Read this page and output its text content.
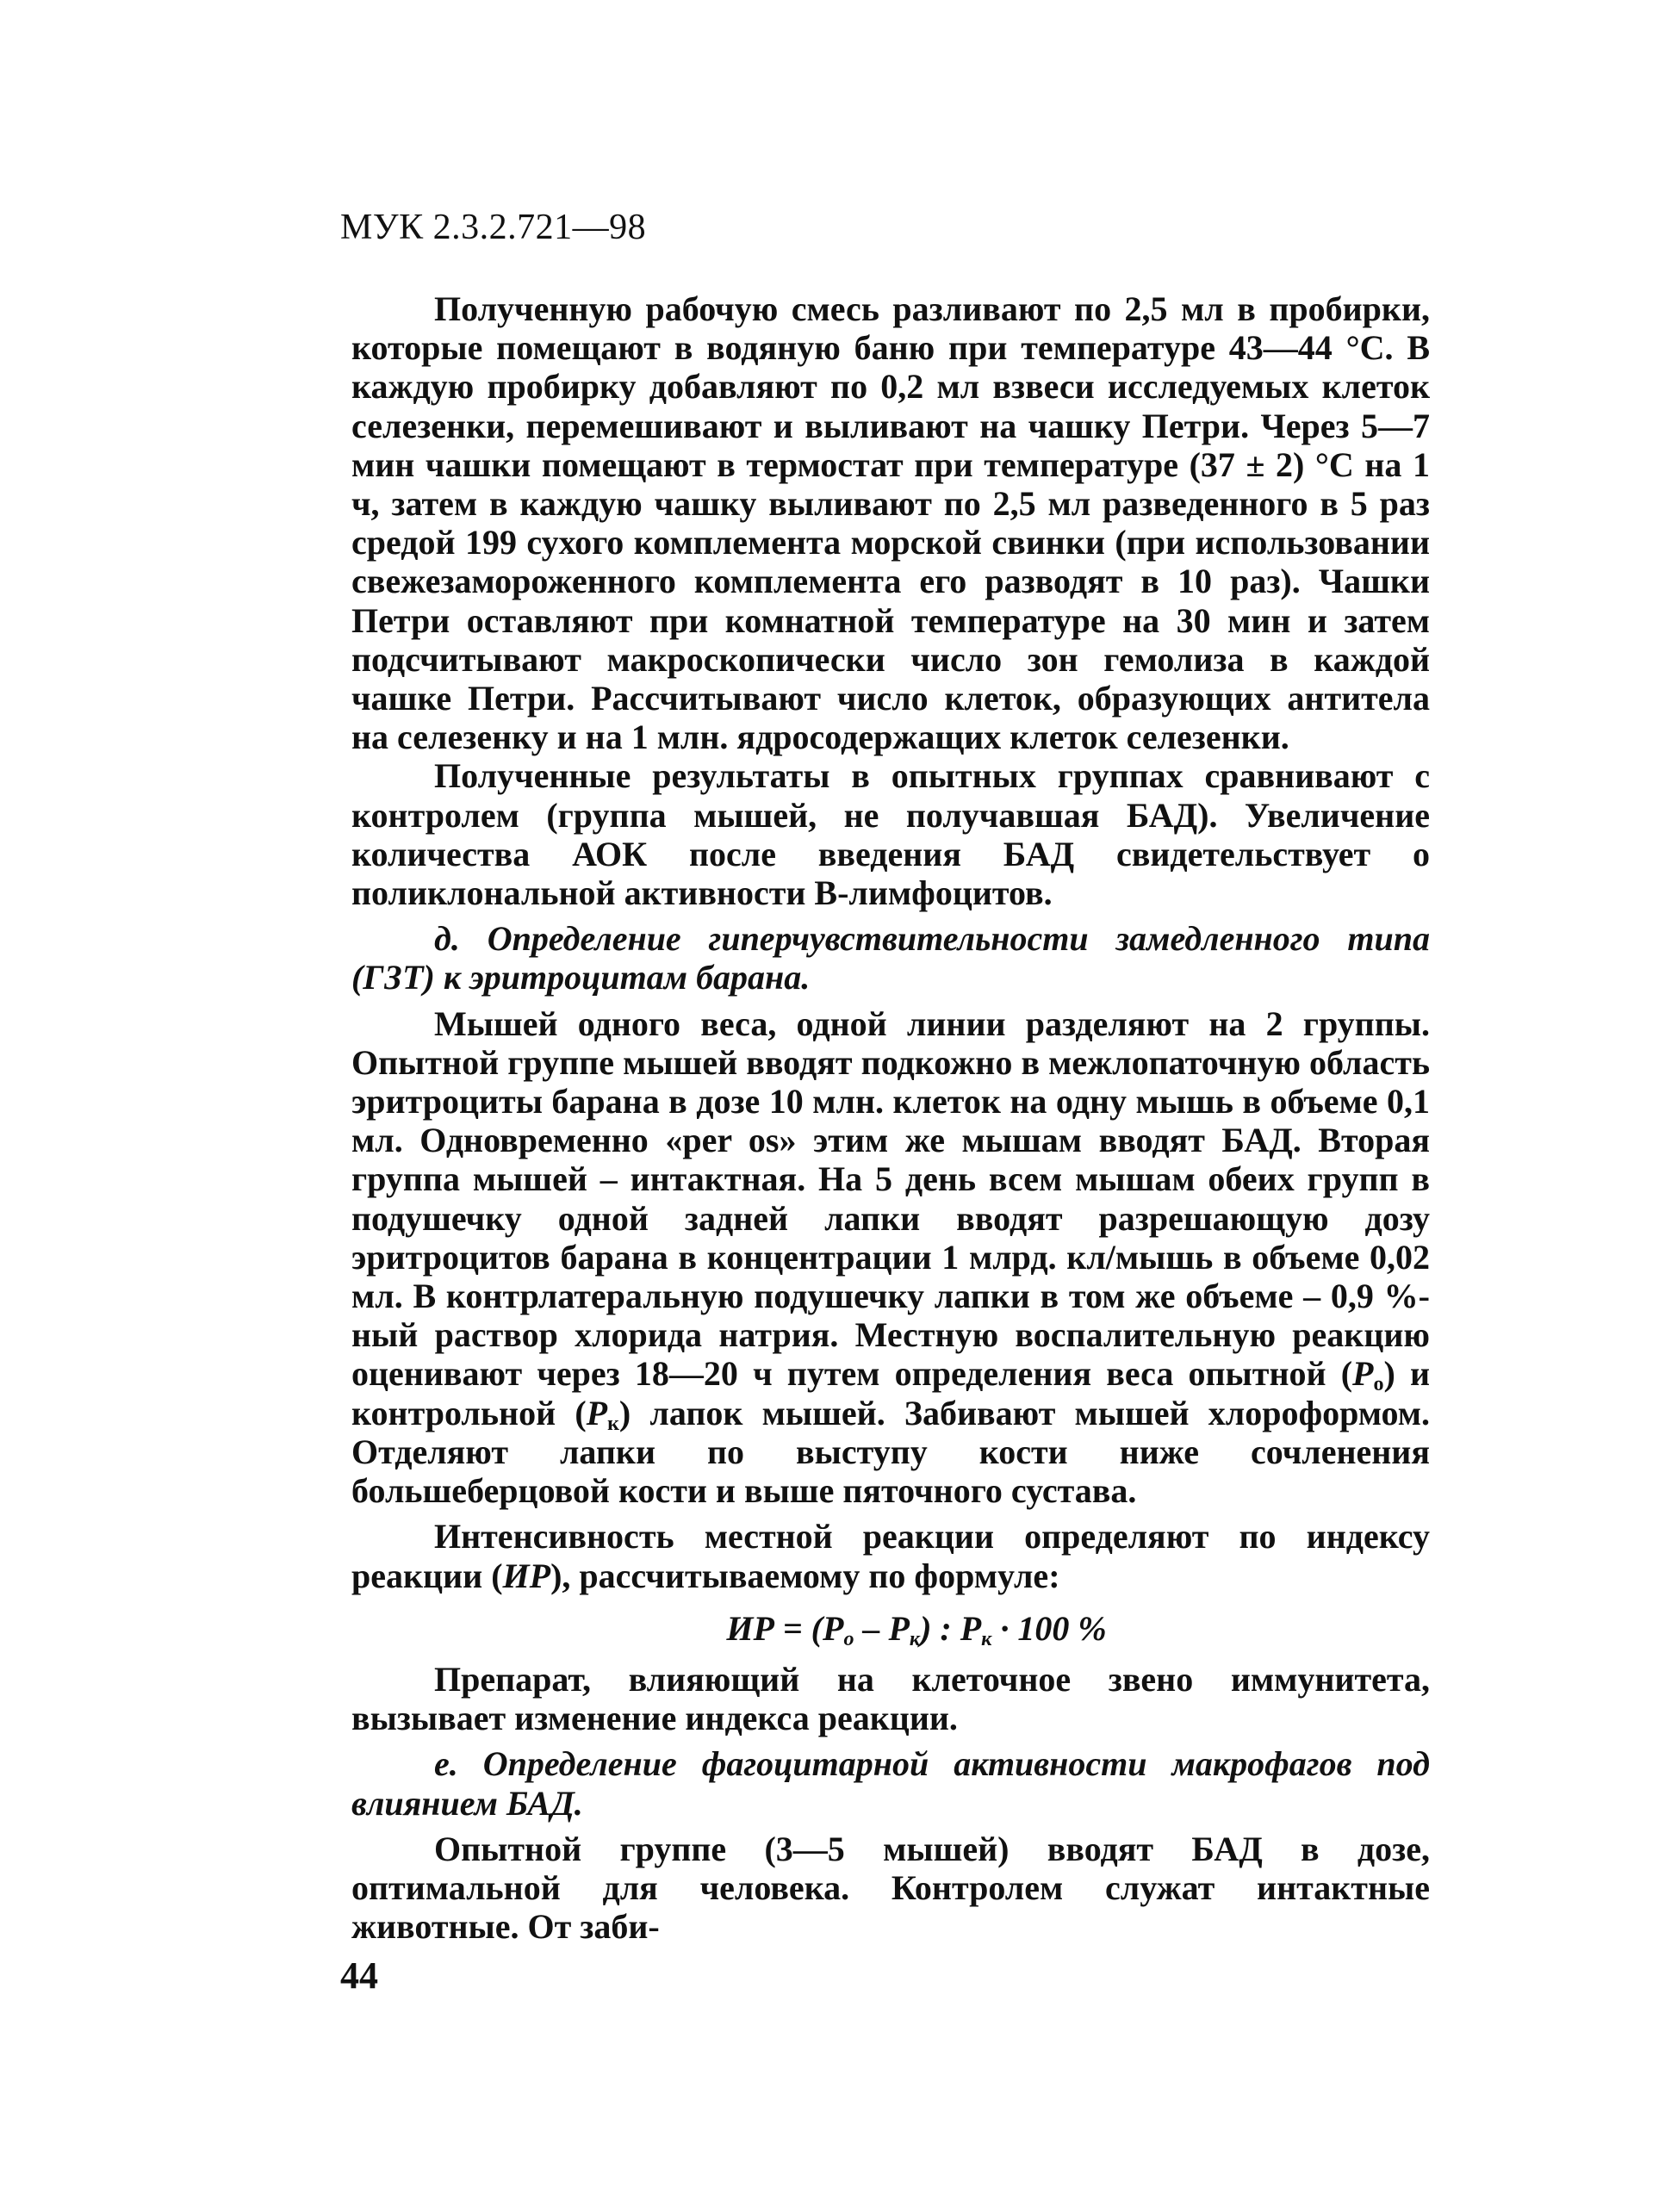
МУК 2.3.2.721—98

Полученную рабочую смесь разливают по 2,5 мл в пробирки, которые помещают в водяную баню при температуре 43—44 °С. В каждую пробирку добавляют по 0,2 мл взвеси исследуемых клеток селезенки, перемешивают и выливают на чашку Петри. Через 5—7 мин чашки помещают в термостат при температуре (37 ± 2) °С на 1 ч, затем в каждую чашку выливают по 2,5 мл разведенного в 5 раз средой 199 сухого комплемента морской свинки (при использовании свежезамороженного комплемента его разводят в 10 раз). Чашки Петри оставляют при комнатной температуре на 30 мин и затем подсчитывают макроскопически число зон гемолиза в каждой чашке Петри. Рассчитывают число клеток, образующих антитела на селезенку и на 1 млн. ядросодержащих клеток селезенки.

Полученные результаты в опытных группах сравнивают с контролем (группа мышей, не получавшая БАД). Увеличение количества АОК после введения БАД свидетельствует о поликлональной активности В-лимфоцитов.

д. Определение гиперчувствительности замедленного типа (ГЗТ) к эритроцитам барана.

Мышей одного веса, одной линии разделяют на 2 группы. Опытной группе мышей вводят подкожно в межлопаточную область эритроциты барана в дозе 10 млн. клеток на одну мышь в объеме 0,1 мл. Одновременно «per os» этим же мышам вводят БАД. Вторая группа мышей – интактная. На 5 день всем мышам обеих групп в подушечку одной задней лапки вводят разрешающую дозу эритроцитов барана в концентрации 1 млрд. кл/мышь в объеме 0,02 мл. В контрлатеральную подушечку лапки в том же объеме – 0,9 %-ный раствор хлорида натрия. Местную воспалительную реакцию оценивают через 18—20 ч путем определения веса опытной $(P_о)$ и контрольной $(P_к)$ лапок мышей. Забивают мышей хлороформом. Отделяют лапки по выступу кости ниже сочленения большеберцовой кости и выше пяточного сустава.

Интенсивность местной реакции определяют по индексу реакции (ИР), рассчитываемому по формуле:

ИР = $(P_о - P_к)$ : $P_к \cdot 100$ %

Препарат, влияющий на клеточное звено иммунитета, вызывает изменение индекса реакции.

е. Определение фагоцитарной активности макрофагов под влиянием БАД.

Опытной группе (3—5 мышей) вводят БАД в дозе, оптимальной для человека. Контролем служат интактные животные. От заби-

44
